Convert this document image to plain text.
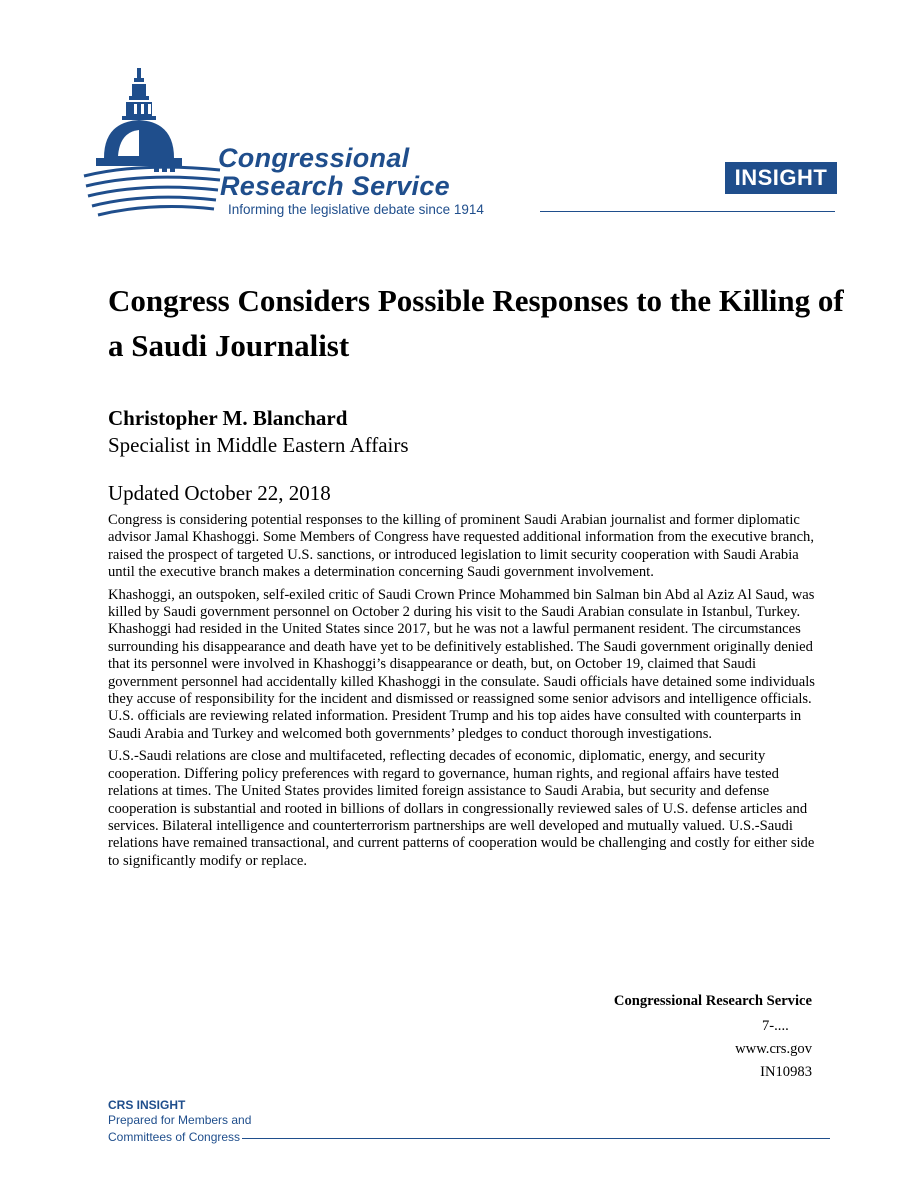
Congressional
Research Service
Informing the legislative debate since 1914
INSIGHT
Congress Considers Possible Responses to the Killing of a Saudi Journalist
Christopher M. Blanchard
Specialist in Middle Eastern Affairs
Updated October 22, 2018

Congress is considering potential responses to the killing of prominent Saudi Arabian journalist and former diplomatic advisor Jamal Khashoggi. Some Members of Congress have requested additional information from the executive branch, raised the prospect of targeted U.S. sanctions, or introduced legislation to limit security cooperation with Saudi Arabia until the executive branch makes a determination concerning Saudi government involvement.

Khashoggi, an outspoken, self-exiled critic of Saudi Crown Prince Mohammed bin Salman bin Abd al Aziz Al Saud, was killed by Saudi government personnel on October 2 during his visit to the Saudi Arabian consulate in Istanbul, Turkey. Khashoggi had resided in the United States since 2017, but he was not a lawful permanent resident. The circumstances surrounding his disappearance and death have yet to be definitively established. The Saudi government originally denied that its personnel were involved in Khashoggi’s disappearance or death, but, on October 19, claimed that Saudi government personnel had accidentally killed Khashoggi in the consulate. Saudi officials have detained some individuals they accuse of responsibility for the incident and dismissed or reassigned some senior advisors and intelligence officials. U.S. officials are reviewing related information. President Trump and his top aides have consulted with counterparts in Saudi Arabia and Turkey and welcomed both governments’ pledges to conduct thorough investigations.

U.S.-Saudi relations are close and multifaceted, reflecting decades of economic, diplomatic, energy, and security cooperation. Differing policy preferences with regard to governance, human rights, and regional affairs have tested relations at times. The United States provides limited foreign assistance to Saudi Arabia, but security and defense cooperation is substantial and rooted in billions of dollars in congressionally reviewed sales of U.S. defense articles and services. Bilateral intelligence and counterterrorism partnerships are well developed and mutually valued. U.S.-Saudi relations have remained transactional, and current patterns of cooperation would be challenging and costly for either side to significantly modify or replace.

Congressional Research Service
7-....
www.crs.gov
IN10983
CRS INSIGHT
Prepared for Members and
Committees of Congress
